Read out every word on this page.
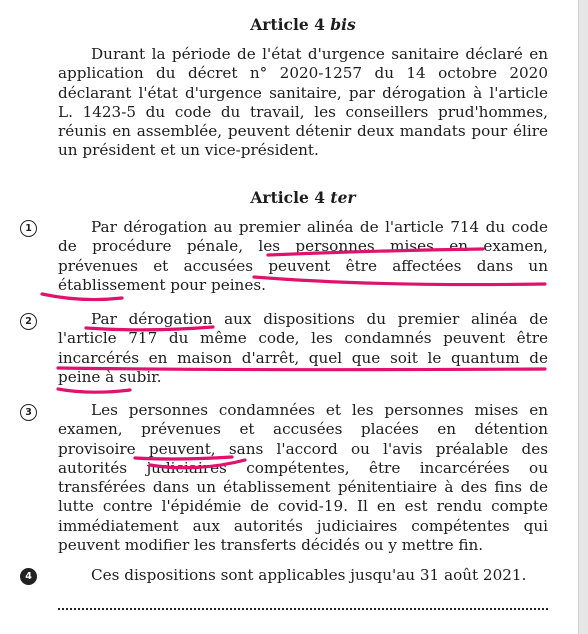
Article 4 bis
Durant la période de l'état d'urgence sanitaire déclaré en application du décret n° 2020-1257 du 14 octobre 2020 déclarant l'état d'urgence sanitaire, par dérogation à l'article L. 1423-5 du code du travail, les conseillers prud'hommes, réunis en assemblée, peuvent détenir deux mandats pour élire un président et un vice-président.
Article 4 ter
1	Par dérogation au premier alinéa de l'article 714 du code de procédure pénale, les personnes mises en examen, prévenues et accusées peuvent être affectées dans un établissement pour peines.
2	Par dérogation aux dispositions du premier alinéa de l'article 717 du même code, les condamnés peuvent être incarcérés en maison d'arrêt, quel que soit le quantum de peine à subir.
3	Les personnes condamnées et les personnes mises en examen, prévenues et accusées placées en détention provisoire peuvent, sans l'accord ou l'avis préalable des autorités judiciaires compétentes, être incarcérées ou transférées dans un établissement pénitentiaire à des fins de lutte contre l'épidémie de covid-19. Il en est rendu compte immédiatement aux autorités judiciaires compétentes qui peuvent modifier les transferts décidés ou y mettre fin.
4	Ces dispositions sont applicables jusqu'au 31 août 2021.
